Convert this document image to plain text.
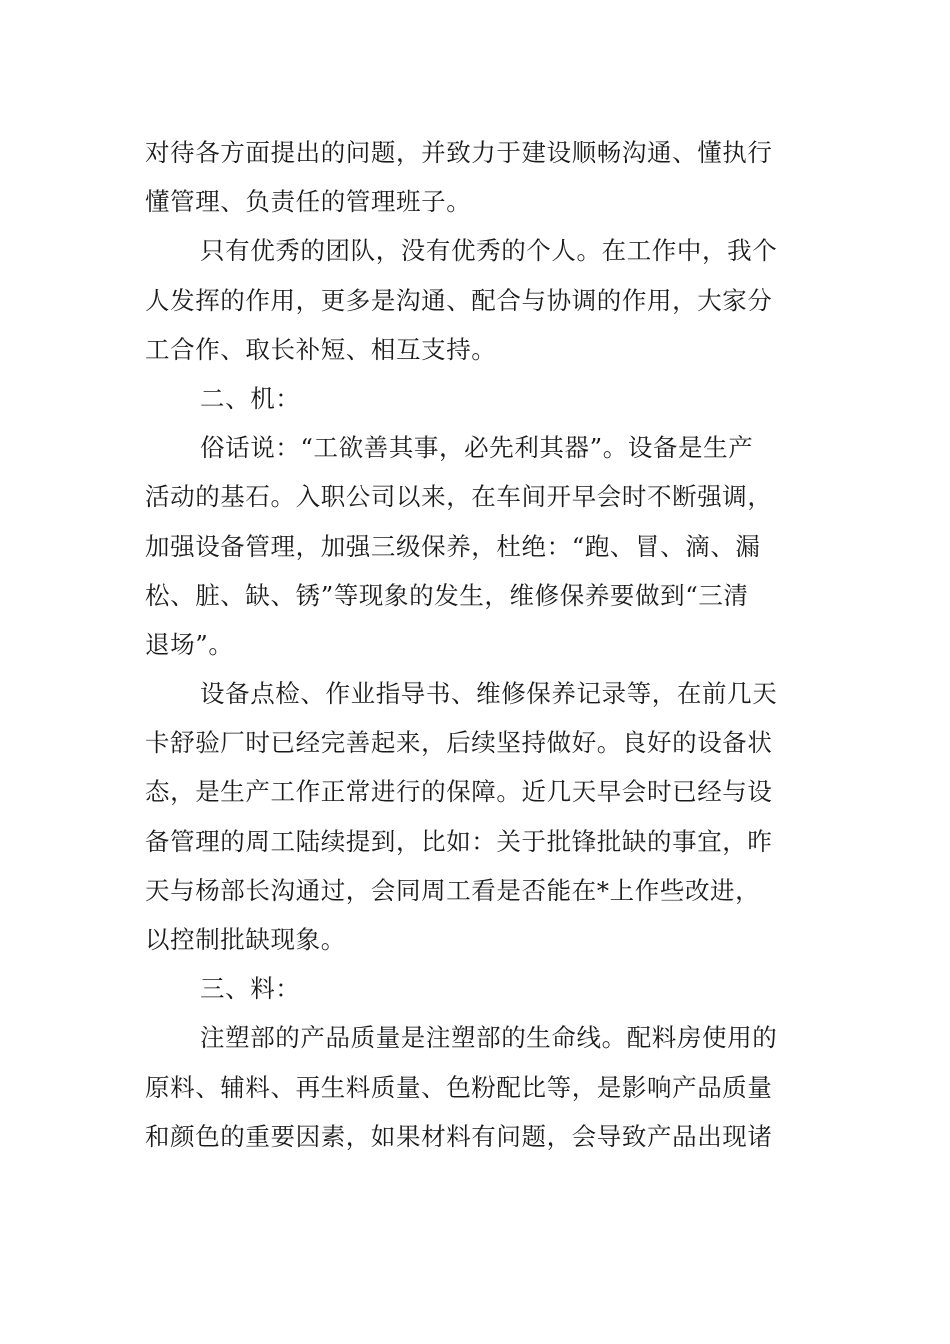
对待各方面提出的问题，并致力于建设顺畅沟通、懂执行
懂管理、负责任的管理班子。
只有优秀的团队，没有优秀的个人。在工作中，我个
人发挥的作用，更多是沟通、配合与协调的作用，大家分
工合作、取长补短、相互支持。
二、机：
俗话说：“工欲善其事，必先利其器”。设备是生产
活动的基石。入职公司以来，在车间开早会时不断强调，
加强设备管理，加强三级保养，杜绝：“跑、冒、滴、漏
松、脏、缺、锈”等现象的发生，维修保养要做到“三清
退场”。
设备点检、作业指导书、维修保养记录等，在前几天
卡舒验厂时已经完善起来，后续坚持做好。良好的设备状
态，是生产工作正常进行的保障。近几天早会时已经与设
备管理的周工陆续提到，比如：关于批锋批缺的事宜，昨
天与杨部长沟通过，会同周工看是否能在*上作些改进，
以控制批缺现象。
三、料：
注塑部的产品质量是注塑部的生命线。配料房使用的
原料、辅料、再生料质量、色粉配比等，是影响产品质量
和颜色的重要因素，如果材料有问题，会导致产品出现诸
